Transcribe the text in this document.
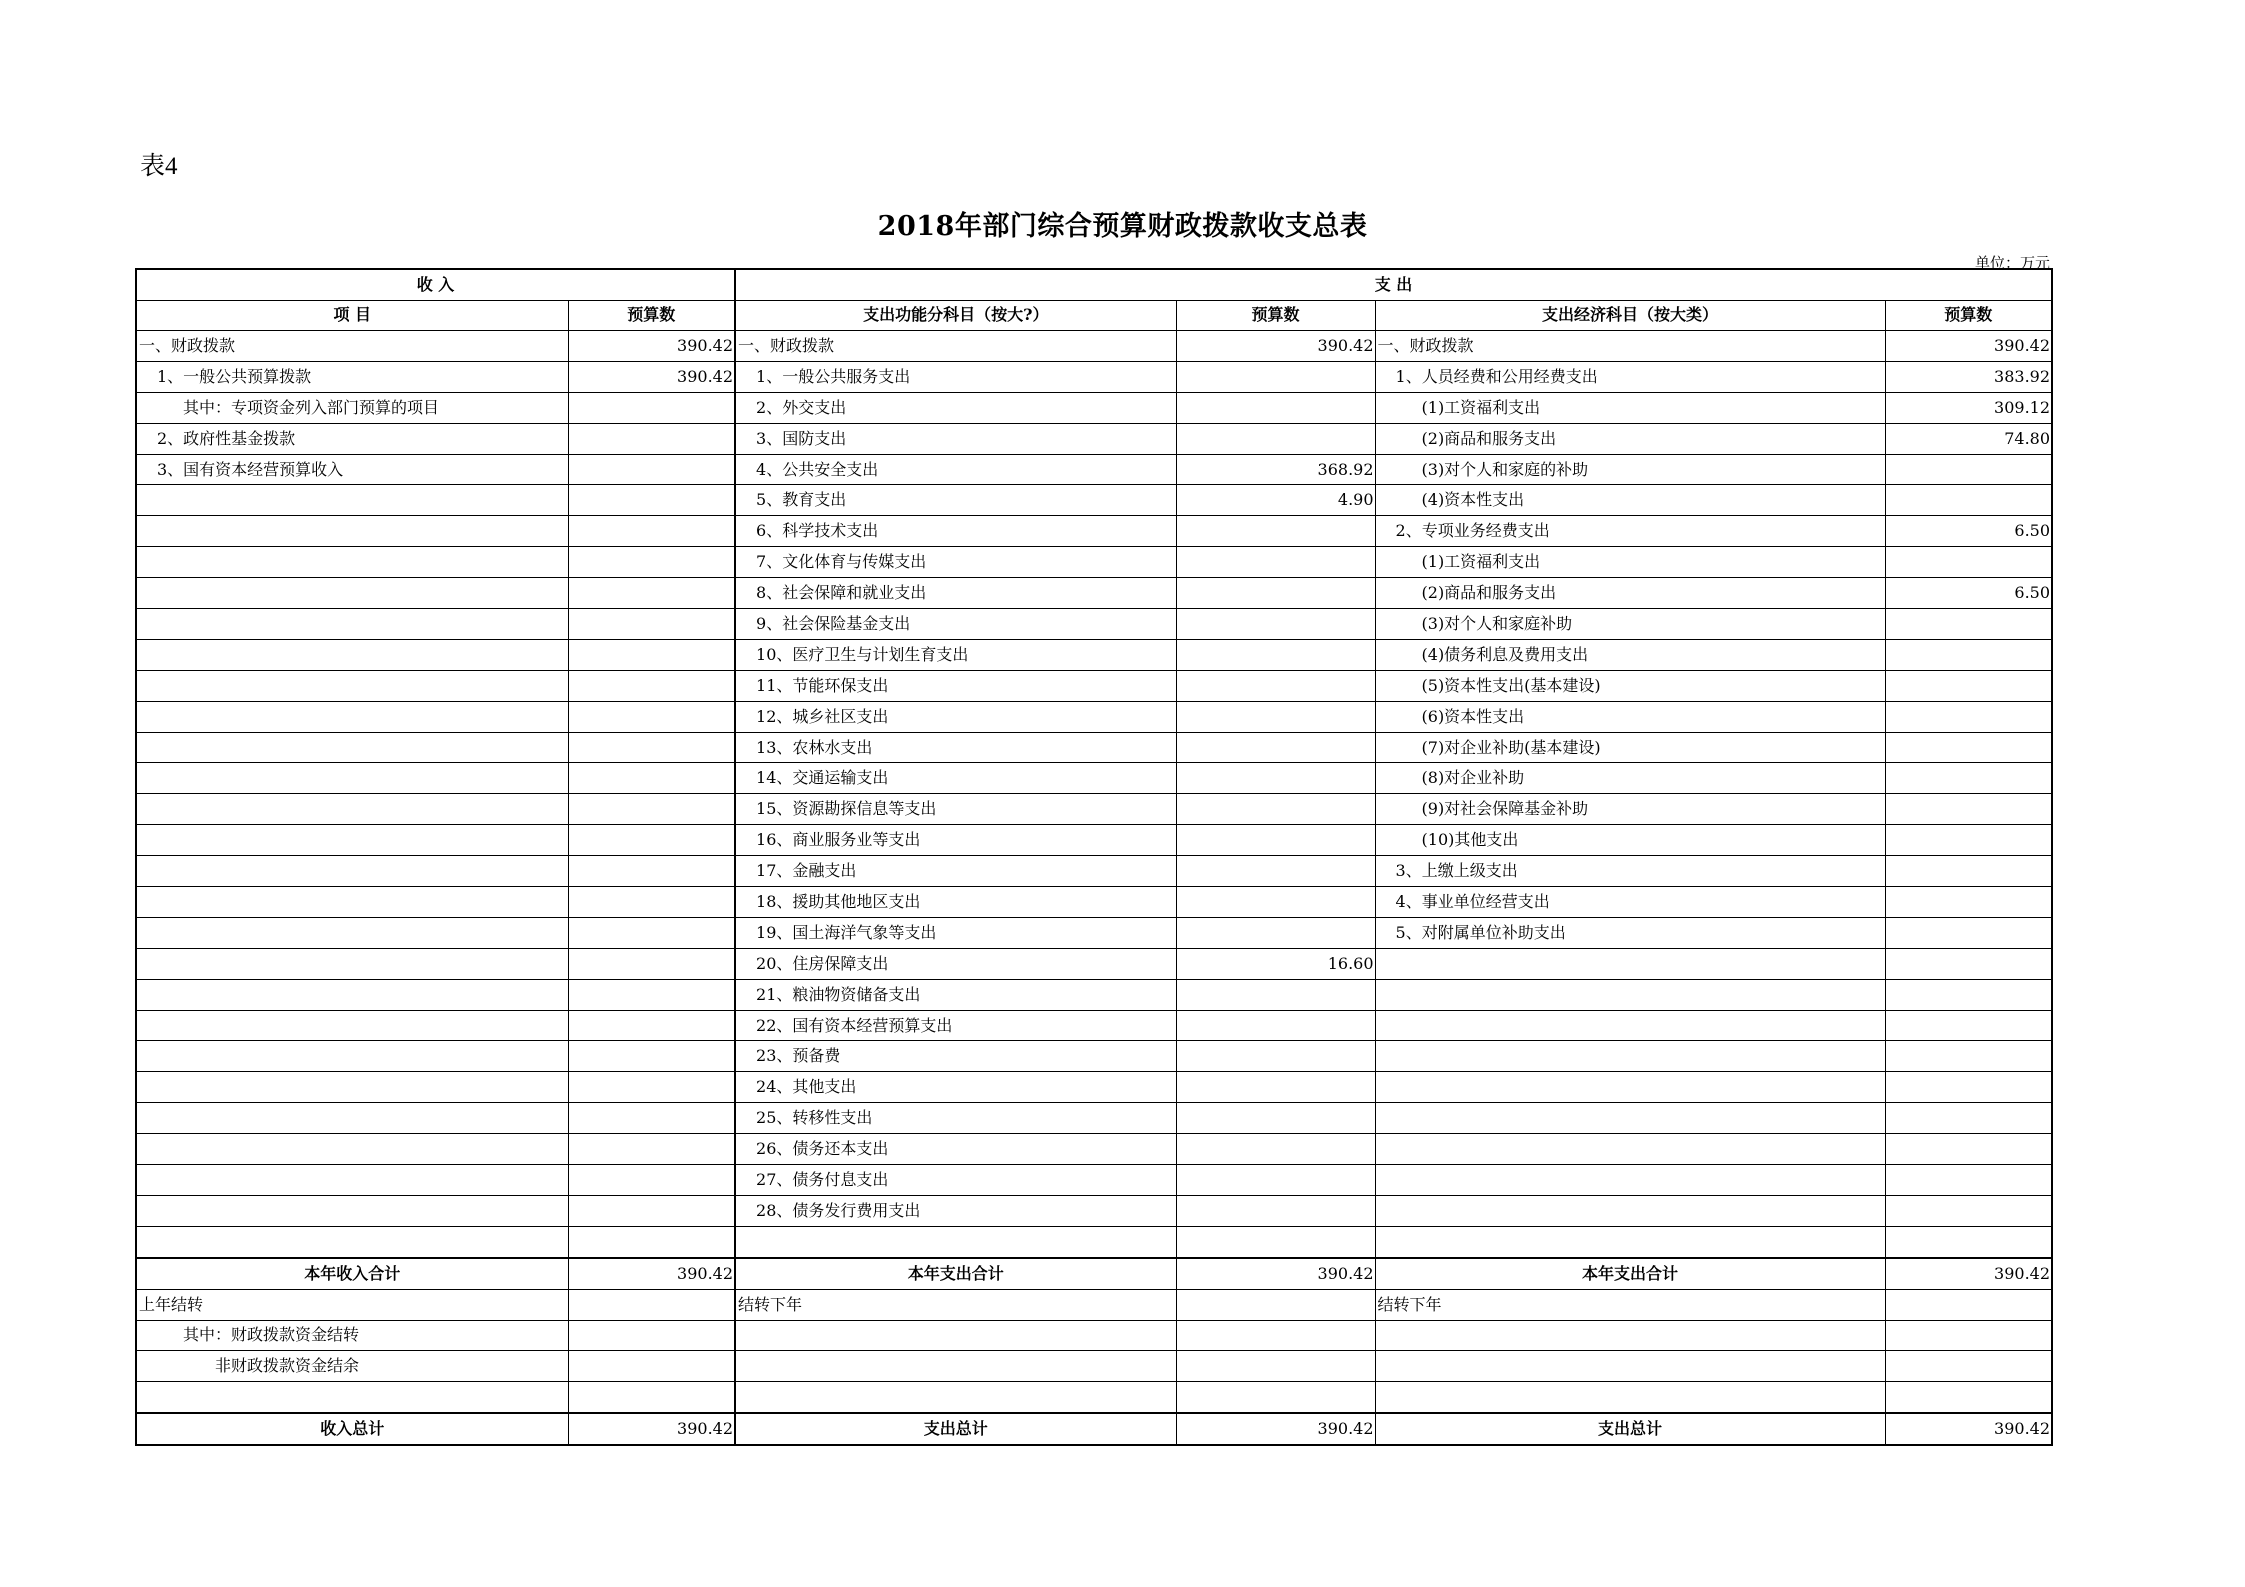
表4
2018年部门综合预算财政拨款收支总表
单位：万元
收 入		支 出			
项 目	预算数	支出功能分科目（按大?）	预算数	支出经济科目（按大类）	预算数
一、财政拨款	390.42	一、财政拨款	390.42	一、财政拨款	390.42
1、一般公共预算拨款	390.42	1、一般公共服务支出		1、人员经费和公用经费支出	383.92
其中：专项资金列入部门预算的项目		2、外交支出		(1)工资福利支出	309.12
2、政府性基金拨款		3、国防支出		(2)商品和服务支出	74.80
3、国有资本经营预算收入		4、公共安全支出	368.92	(3)对个人和家庭的补助	
		5、教育支出	4.90	(4)资本性支出	
		6、科学技术支出		2、专项业务经费支出	6.50
		7、文化体育与传媒支出		(1)工资福利支出	
		8、社会保障和就业支出		(2)商品和服务支出	6.50
		9、社会保险基金支出		(3)对个人和家庭补助	
		10、医疗卫生与计划生育支出		(4)债务利息及费用支出	
		11、节能环保支出		(5)资本性支出(基本建设)	
		12、城乡社区支出		(6)资本性支出	
		13、农林水支出		(7)对企业补助(基本建设)	
		14、交通运输支出		(8)对企业补助	
		15、资源勘探信息等支出		(9)对社会保障基金补助	
		16、商业服务业等支出		(10)其他支出	
		17、金融支出		3、上缴上级支出	
		18、援助其他地区支出		4、事业单位经营支出	
		19、国土海洋气象等支出		5、对附属单位补助支出	
		20、住房保障支出	16.60		
		21、粮油物资储备支出			
		22、国有资本经营预算支出			
		23、预备费			
		24、其他支出			
		25、转移性支出			
		26、债务还本支出			
		27、债务付息支出			
		28、债务发行费用支出			

本年收入合计	390.42	本年支出合计	390.42	本年支出合计	390.42
上年结转		结转下年		结转下年	
其中：财政拨款资金结转					
非财政拨款资金结余					

收入总计	390.42	支出总计	390.42	支出总计	390.42
